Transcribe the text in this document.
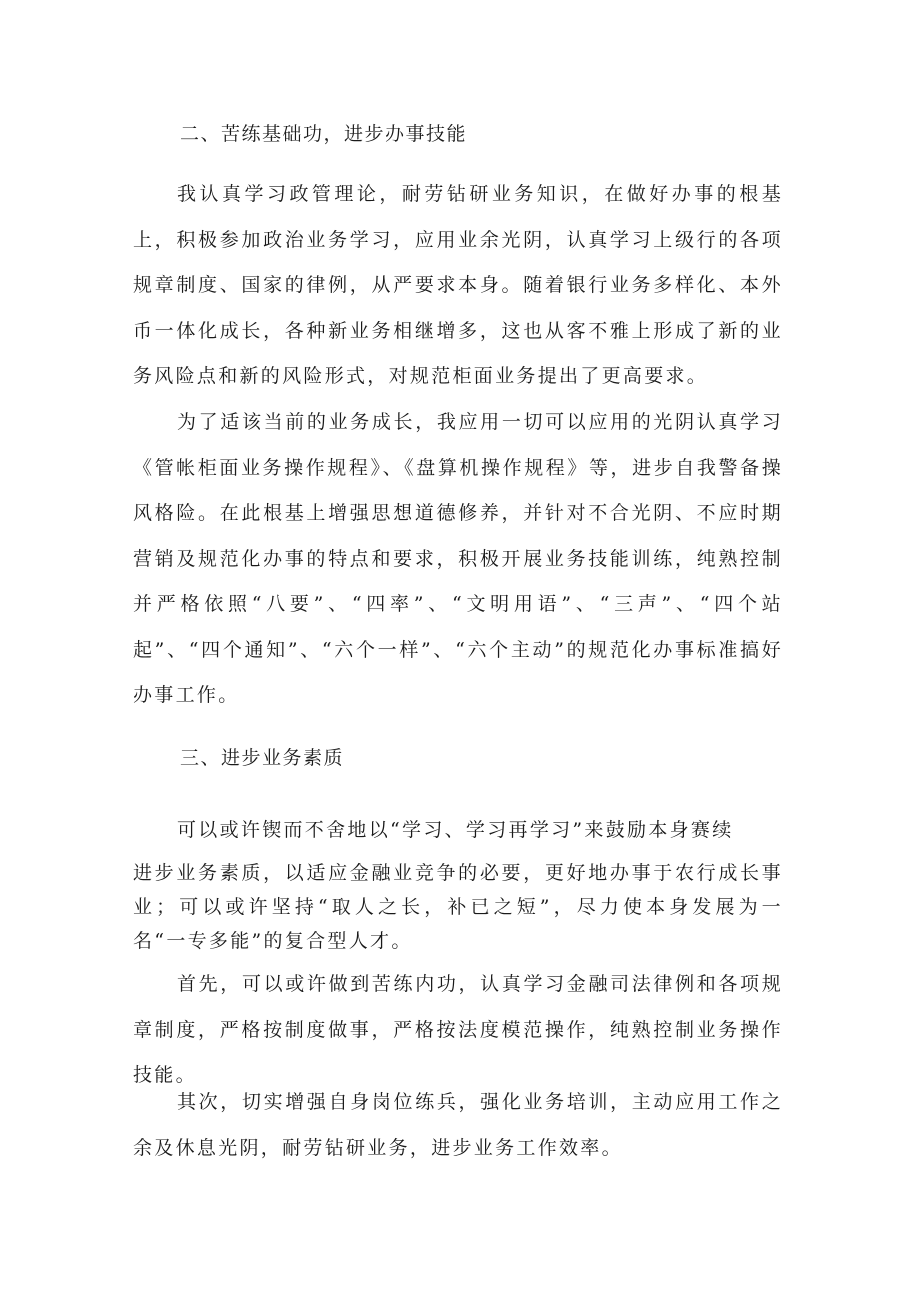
二、苦练基础功，进步办事技能
我认真学习政管理论，耐劳钻研业务知识，在做好办事的根基上，积极参加政治业务学习，应用业余光阴，认真学习上级行的各项规章制度、国家的律例，从严要求本身。随着银行业务多样化、本外币一体化成长，各种新业务相继增多，这也从客不雅上形成了新的业务风险点和新的风险形式，对规范柜面业务提出了更高要求。
为了适该当前的业务成长，我应用一切可以应用的光阴认真学习《管帐柜面业务操作规程》、《盘算机操作规程》等，进步自我警备操风格险。在此根基上增强思想道德修养，并针对不合光阴、不应时期营销及规范化办事的特点和要求，积极开展业务技能训练，纯熟控制并严格依照“八要”、“四率”、“文明用语”、“三声”、“四个站起”、“四个通知”、“六个一样”、“六个主动”的规范化办事标准搞好办事工作。
三、进步业务素质
可以或许锲而不舍地以“学习、学习再学习”来鼓励本身赛续
进步业务素质，以适应金融业竞争的必要，更好地办事于农行成长事业；可以或许坚持“取人之长，补已之短”，尽力使本身发展为一名“一专多能”的复合型人才。
首先，可以或许做到苦练内功，认真学习金融司法律例和各项规章制度，严格按制度做事，严格按法度模范操作，纯熟控制业务操作技能。
其次，切实增强自身岗位练兵，强化业务培训，主动应用工作之余及休息光阴，耐劳钻研业务，进步业务工作效率。
